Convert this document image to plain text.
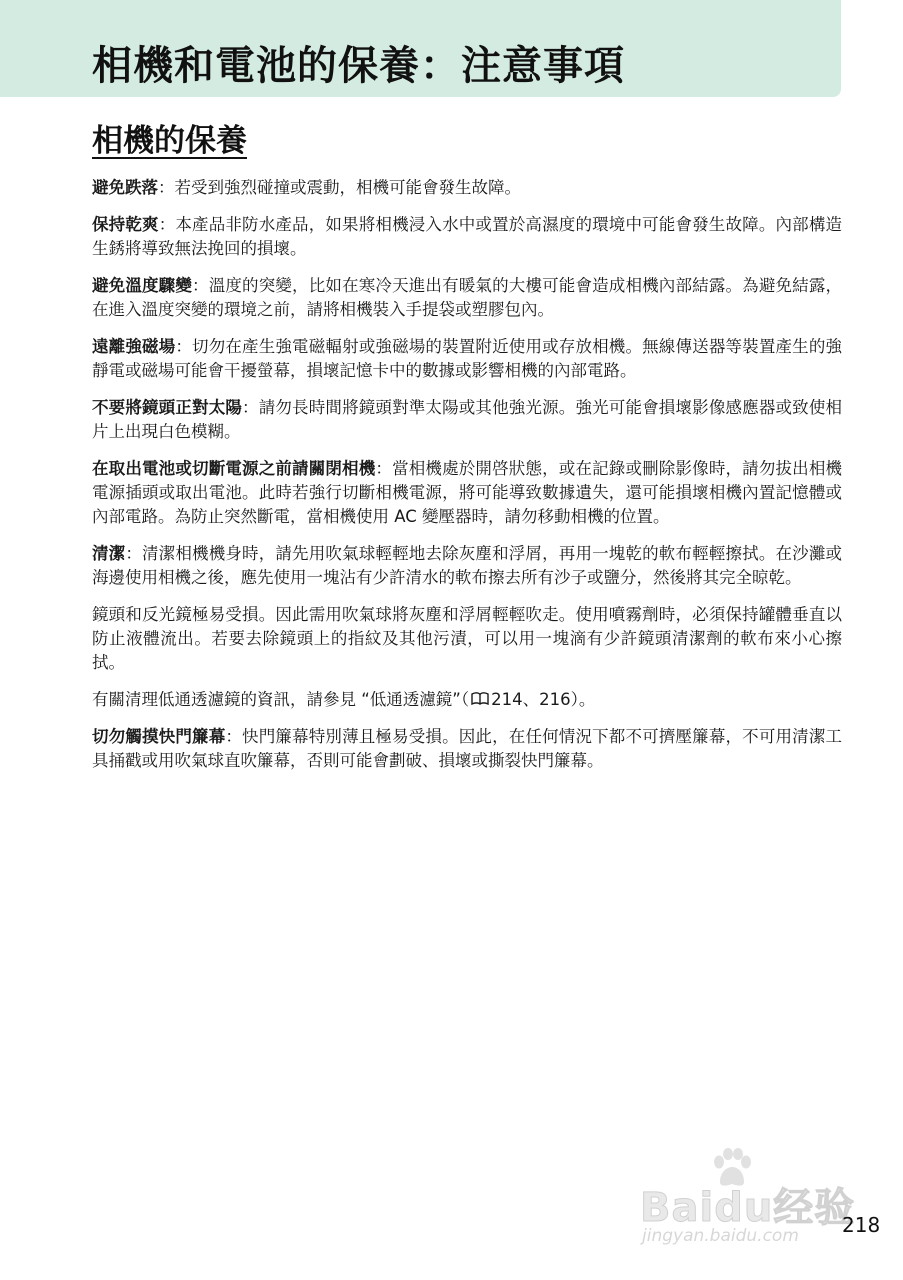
相機和電池的保養：注意事項
相機的保養

避免跌落：若受到強烈碰撞或震動，相機可能會發生故障。

保持乾爽：本產品非防水產品，如果將相機浸入水中或置於高濕度的環境中可能會發生故障。內部構造生銹將導致無法挽回的損壞。

避免溫度驟變：溫度的突變，比如在寒冷天進出有暖氣的大樓可能會造成相機內部結露。為避免結露，在進入溫度突變的環境之前，請將相機裝入手提袋或塑膠包內。

遠離強磁場：切勿在產生強電磁輻射或強磁場的裝置附近使用或存放相機。無線傳送器等裝置產生的強靜電或磁場可能會干擾螢幕，損壞記憶卡中的數據或影響相機的內部電路。

不要將鏡頭正對太陽：請勿長時間將鏡頭對準太陽或其他強光源。強光可能會損壞影像感應器或致使相片上出現白色模糊。

在取出電池或切斷電源之前請關閉相機：當相機處於開啓狀態，或在記錄或刪除影像時，請勿拔出相機電源插頭或取出電池。此時若強行切斷相機電源，將可能導致數據遺失，還可能損壞相機內置記憶體或內部電路。為防止突然斷電，當相機使用 AC 變壓器時，請勿移動相機的位置。

清潔：清潔相機機身時，請先用吹氣球輕輕地去除灰塵和浮屑，再用一塊乾的軟布輕輕擦拭。在沙灘或海邊使用相機之後，應先使用一塊沾有少許清水的軟布擦去所有沙子或鹽分，然後將其完全晾乾。

鏡頭和反光鏡極易受損。因此需用吹氣球將灰塵和浮屑輕輕吹走。使用噴霧劑時，必須保持罐體垂直以防止液體流出。若要去除鏡頭上的指紋及其他污漬，可以用一塊滴有少許鏡頭清潔劑的軟布來小心擦拭。

有關清理低通透濾鏡的資訊，請參見 “低通透濾鏡”（ 214、216）。

切勿觸摸快門簾幕：快門簾幕特別薄且極易受損。因此，在任何情況下都不可擠壓簾幕，不可用清潔工具捅戳或用吹氣球直吹簾幕，否則可能會劃破、損壞或撕裂快門簾幕。

Baidu经验
jingyan.baidu.com 218
